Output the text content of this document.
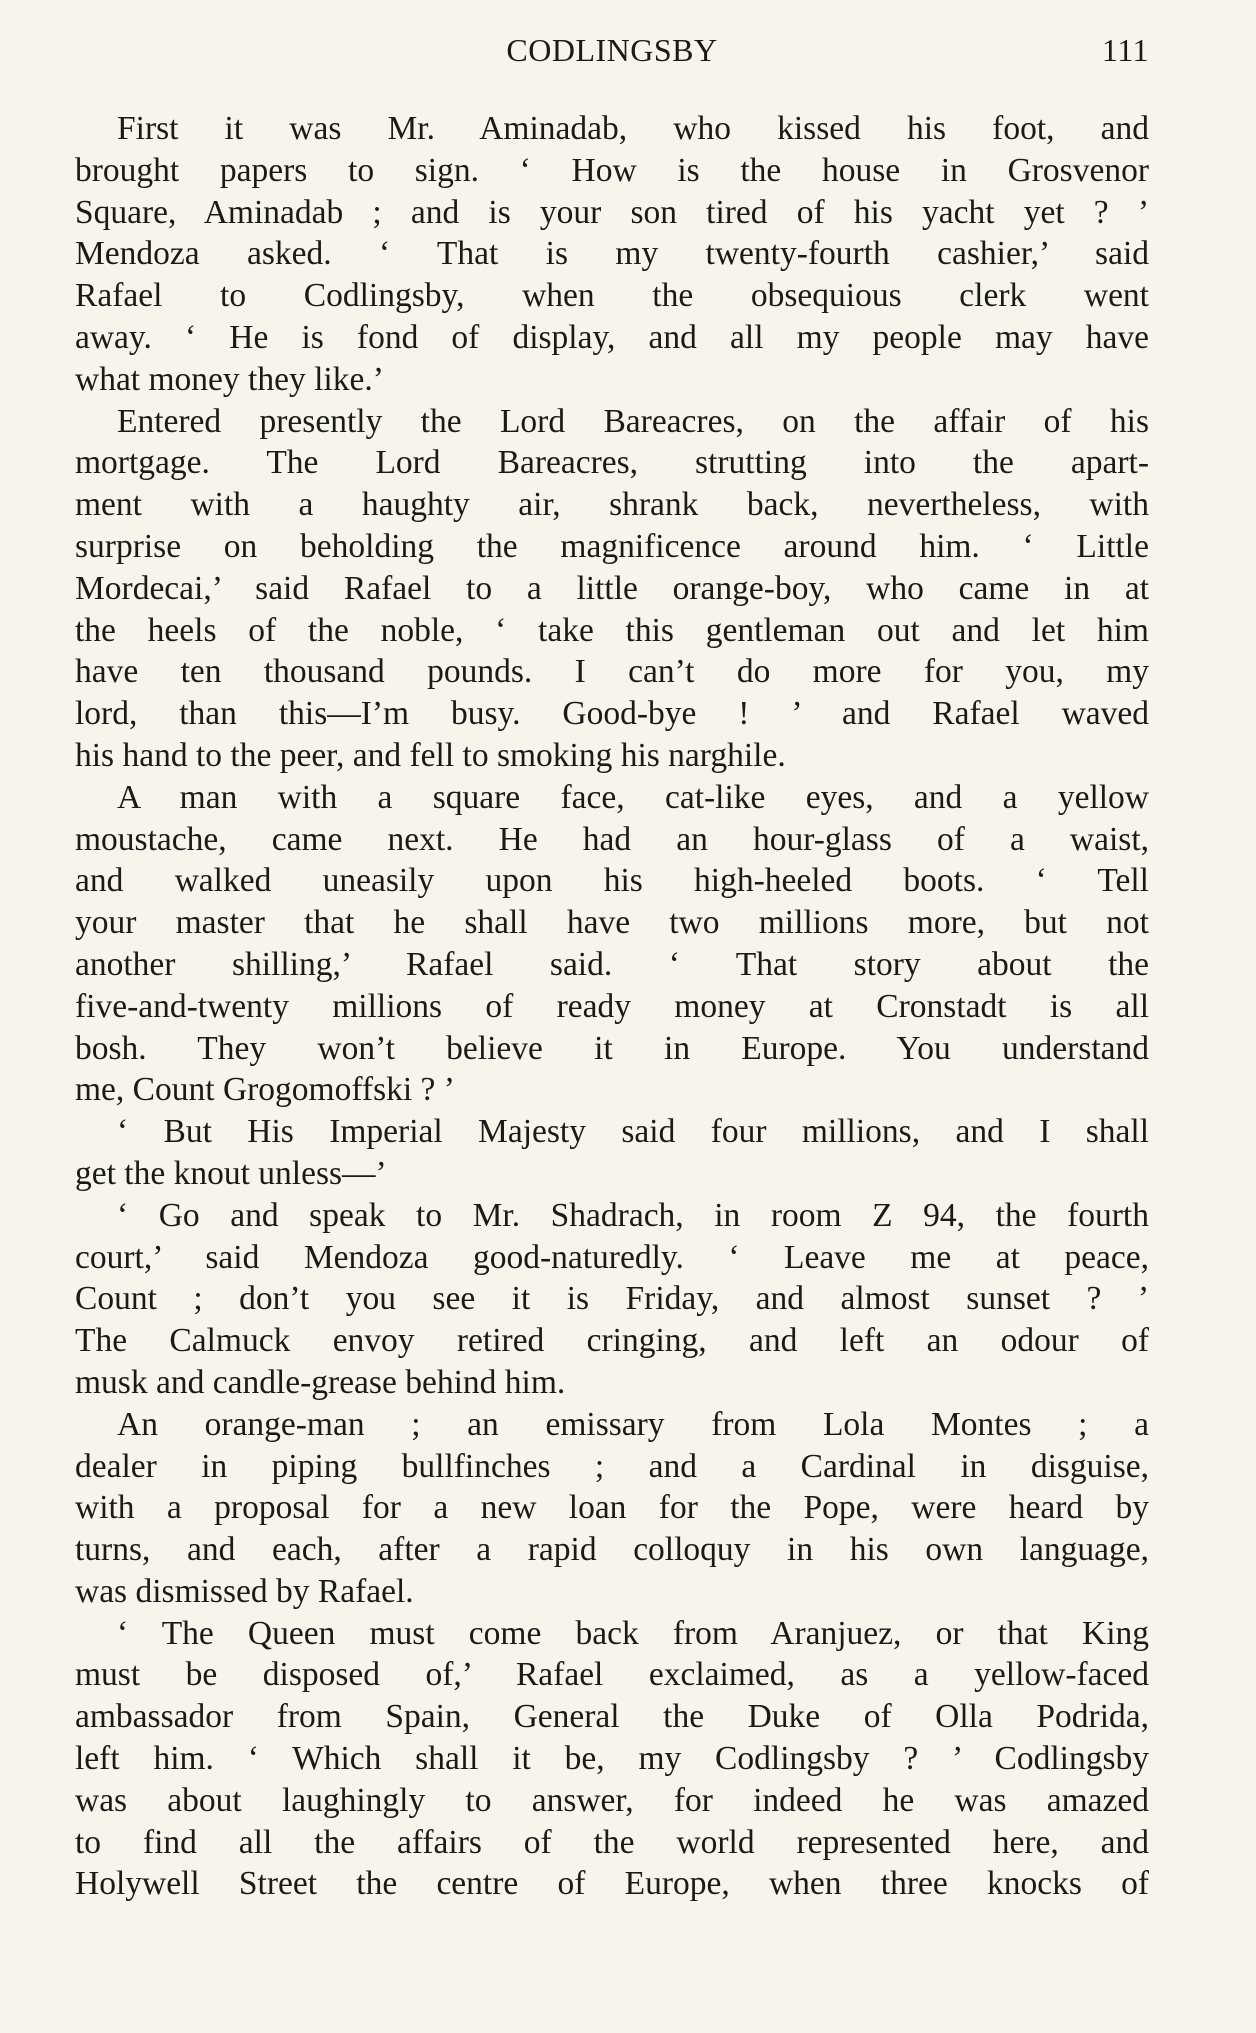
CODLINGSBY	111
First it was Mr. Aminadab, who kissed his foot, and
brought papers to sign. ‘ How is the house in Grosvenor
Square, Aminadab ; and is your son tired of his yacht yet ? ’
Mendoza asked. ‘ That is my twenty-fourth cashier,’ said
Rafael to Codlingsby, when the obsequious clerk went
away. ‘ He is fond of display, and all my people may have
what money they like.’
Entered presently the Lord Bareacres, on the affair of his
mortgage. The Lord Bareacres, strutting into the apart-
ment with a haughty air, shrank back, nevertheless, with
surprise on beholding the magnificence around him. ‘ Little
Mordecai,’ said Rafael to a little orange-boy, who came in at
the heels of the noble, ‘ take this gentleman out and let him
have ten thousand pounds. I can’t do more for you, my
lord, than this—I’m busy. Good-bye ! ’ and Rafael waved
his hand to the peer, and fell to smoking his narghile.
A man with a square face, cat-like eyes, and a yellow
moustache, came next. He had an hour-glass of a waist,
and walked uneasily upon his high-heeled boots. ‘ Tell
your master that he shall have two millions more, but not
another shilling,’ Rafael said. ‘ That story about the
five-and-twenty millions of ready money at Cronstadt is all
bosh. They won’t believe it in Europe. You understand
me, Count Grogomoffski ? ’
‘ But His Imperial Majesty said four millions, and I shall
get the knout unless—’
‘ Go and speak to Mr. Shadrach, in room Z 94, the fourth
court,’ said Mendoza good-naturedly. ‘ Leave me at peace,
Count ; don’t you see it is Friday, and almost sunset ? ’
The Calmuck envoy retired cringing, and left an odour of
musk and candle-grease behind him.
An orange-man ; an emissary from Lola Montes ; a
dealer in piping bullfinches ; and a Cardinal in disguise,
with a proposal for a new loan for the Pope, were heard by
turns, and each, after a rapid colloquy in his own language,
was dismissed by Rafael.
‘ The Queen must come back from Aranjuez, or that King
must be disposed of,’ Rafael exclaimed, as a yellow-faced
ambassador from Spain, General the Duke of Olla Podrida,
left him. ‘ Which shall it be, my Codlingsby ? ’ Codlingsby
was about laughingly to answer, for indeed he was amazed
to find all the affairs of the world represented here, and
Holywell Street the centre of Europe, when three knocks of
